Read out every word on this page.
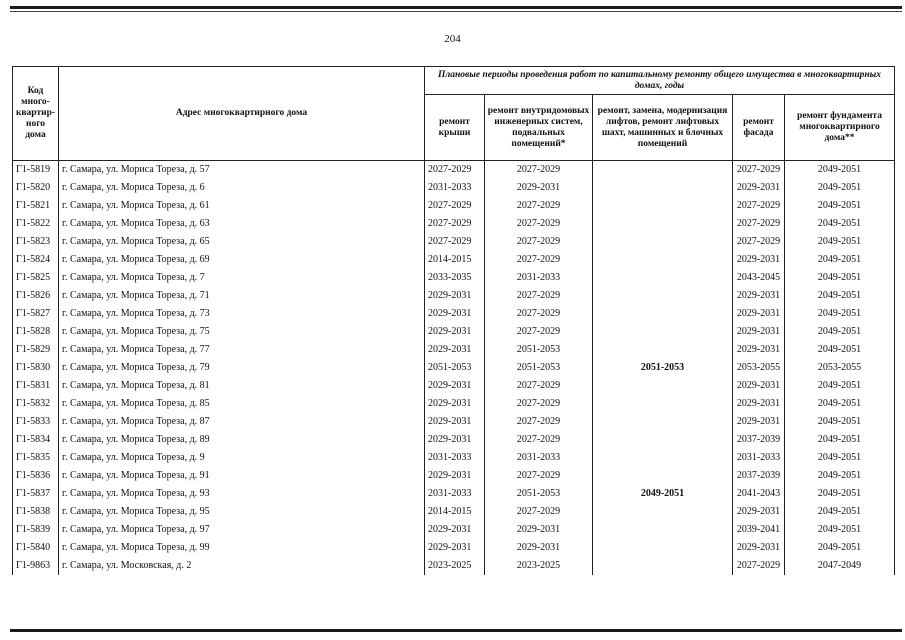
204
Код много-квартир-ного дома	Адрес многоквартирного дома	Плановые периоды проведения работ по капитальному ремонту общего имущества в многоквартирных домах, годы				
		ремонт крыши	ремонт внутридомовых инженерных систем, подвальных помещений*	ремонт, замена, модернизация лифтов, ремонт лифтовых шахт, машинных и блочных помещений	ремонт фасада	ремонт фундамента многоквартирного дома**
Г1-5819	г. Самара, ул. Мориса Тореза, д. 57	2027-2029	2027-2029		2027-2029	2049-2051
Г1-5820	г. Самара, ул. Мориса Тореза, д. 6	2031-2033	2029-2031		2029-2031	2049-2051
Г1-5821	г. Самара, ул. Мориса Тореза, д. 61	2027-2029	2027-2029		2027-2029	2049-2051
Г1-5822	г. Самара, ул. Мориса Тореза, д. 63	2027-2029	2027-2029		2027-2029	2049-2051
Г1-5823	г. Самара, ул. Мориса Тореза, д. 65	2027-2029	2027-2029		2027-2029	2049-2051
Г1-5824	г. Самара, ул. Мориса Тореза, д. 69	2014-2015	2027-2029		2029-2031	2049-2051
Г1-5825	г. Самара, ул. Мориса Тореза, д. 7	2033-2035	2031-2033		2043-2045	2049-2051
Г1-5826	г. Самара, ул. Мориса Тореза, д. 71	2029-2031	2027-2029		2029-2031	2049-2051
Г1-5827	г. Самара, ул. Мориса Тореза, д. 73	2029-2031	2027-2029		2029-2031	2049-2051
Г1-5828	г. Самара, ул. Мориса Тореза, д. 75	2029-2031	2027-2029		2029-2031	2049-2051
Г1-5829	г. Самара, ул. Мориса Тореза, д. 77	2029-2031	2051-2053		2029-2031	2049-2051
Г1-5830	г. Самара, ул. Мориса Тореза, д. 79	2051-2053	2051-2053	2051-2053	2053-2055	2053-2055
Г1-5831	г. Самара, ул. Мориса Тореза, д. 81	2029-2031	2027-2029		2029-2031	2049-2051
Г1-5832	г. Самара, ул. Мориса Тореза, д. 85	2029-2031	2027-2029		2029-2031	2049-2051
Г1-5833	г. Самара, ул. Мориса Тореза, д. 87	2029-2031	2027-2029		2029-2031	2049-2051
Г1-5834	г. Самара, ул. Мориса Тореза, д. 89	2029-2031	2027-2029		2037-2039	2049-2051
Г1-5835	г. Самара, ул. Мориса Тореза, д. 9	2031-2033	2031-2033		2031-2033	2049-2051
Г1-5836	г. Самара, ул. Мориса Тореза, д. 91	2029-2031	2027-2029		2037-2039	2049-2051
Г1-5837	г. Самара, ул. Мориса Тореза, д. 93	2031-2033	2051-2053	2049-2051	2041-2043	2049-2051
Г1-5838	г. Самара, ул. Мориса Тореза, д. 95	2014-2015	2027-2029		2029-2031	2049-2051
Г1-5839	г. Самара, ул. Мориса Тореза, д. 97	2029-2031	2029-2031		2039-2041	2049-2051
Г1-5840	г. Самара, ул. Мориса Тореза, д. 99	2029-2031	2029-2031		2029-2031	2049-2051
Г1-9863	г. Самара, ул. Московская, д. 2	2023-2025	2023-2025		2027-2029	2047-2049
